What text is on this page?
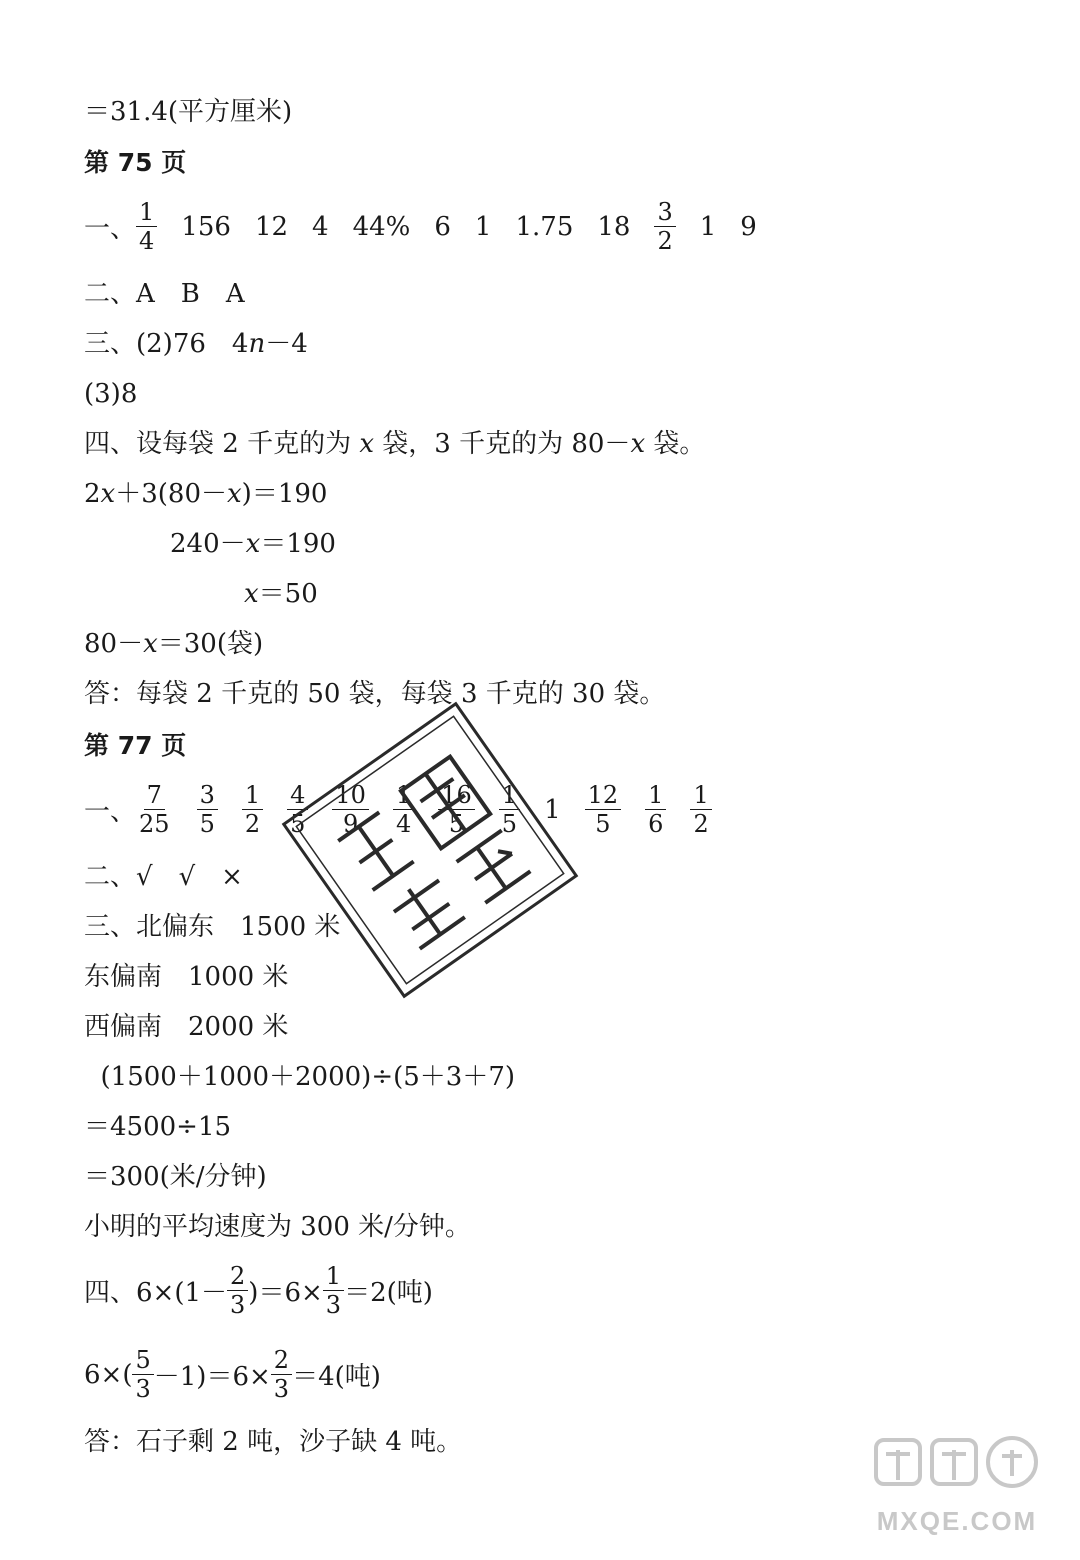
＝31.4(平方厘米)
第 75 页
一、 $\frac{1}{4} 156$ 12 4 44% 6 1 1.75 $18 \frac{3}{2} 1$ 9
二、A　B　A
三、(2)76　4n－4
(3)8
四、设每袋 2 千克的为 x 袋，3 千克的为 80－x 袋。
2x＋3(80－x)＝190
240－x＝190
x＝50
80－x＝30(袋)
答：每袋 2 千克的 50 袋，每袋 3 千克的 30 袋。
第 77 页
一、 $\frac{7}{25} \frac{3}{5} \frac{1}{2} \frac{4}{5} \frac{10}{9} \frac{1}{4} \frac{16}{5} \frac{1}{5} 1 \frac{12}{5} \frac{1}{6} \frac{1}{2}$
二、√　√　×
三、北偏东　1500 米
东偏南　1000 米
西偏南　2000 米
(1500＋1000＋2000)÷(5＋3＋7)
＝4500÷15
＝300(米/分钟)
小明的平均速度为 300 米/分钟。
四、$6\times(1- \frac{2}{3} )=6\times \frac{1}{3} =2$(吨)
$6\times( \frac{5}{3} -1)=6\times \frac{2}{3} =4$(吨)
答：石子剩 2 吨，沙子缺 4 吨。
MXQE.COM
